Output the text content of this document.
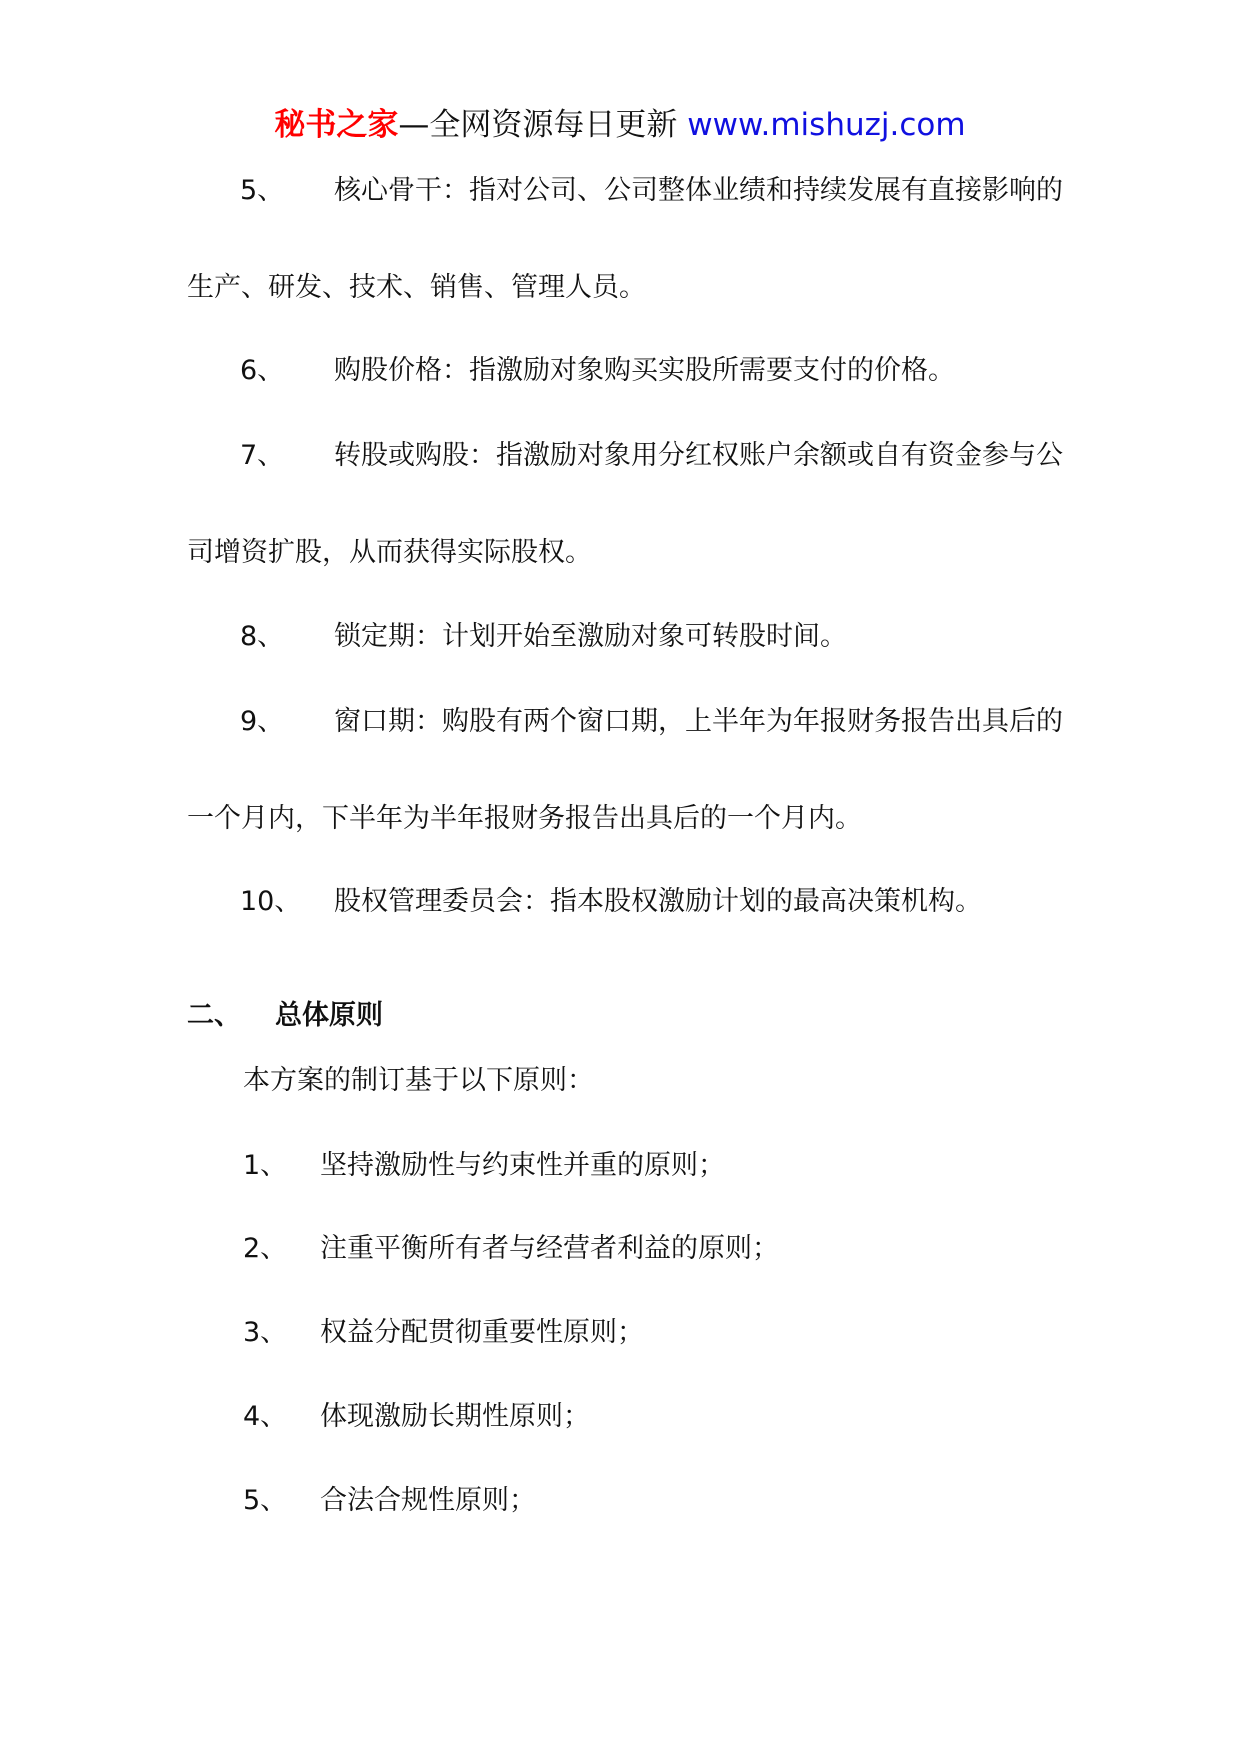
秘书之家—全网资源每日更新 www.mishuzj.com
5、 核心骨干：指对公司、公司整体业绩和持续发展有直接影响的
生产、研发、技术、销售、管理人员。
6、 购股价格：指激励对象购买实股所需要支付的价格。
7、 转股或购股：指激励对象用分红权账户余额或自有资金参与公
司增资扩股，从而获得实际股权。
8、 锁定期：计划开始至激励对象可转股时间。
9、 窗口期：购股有两个窗口期，上半年为年报财务报告出具后的
一个月内，下半年为半年报财务报告出具后的一个月内。
10、 股权管理委员会：指本股权激励计划的最高决策机构。
二、 总体原则
本方案的制订基于以下原则：
1、 坚持激励性与约束性并重的原则；
2、 注重平衡所有者与经营者利益的原则；
3、 权益分配贯彻重要性原则；
4、 体现激励长期性原则；
5、 合法合规性原则；
